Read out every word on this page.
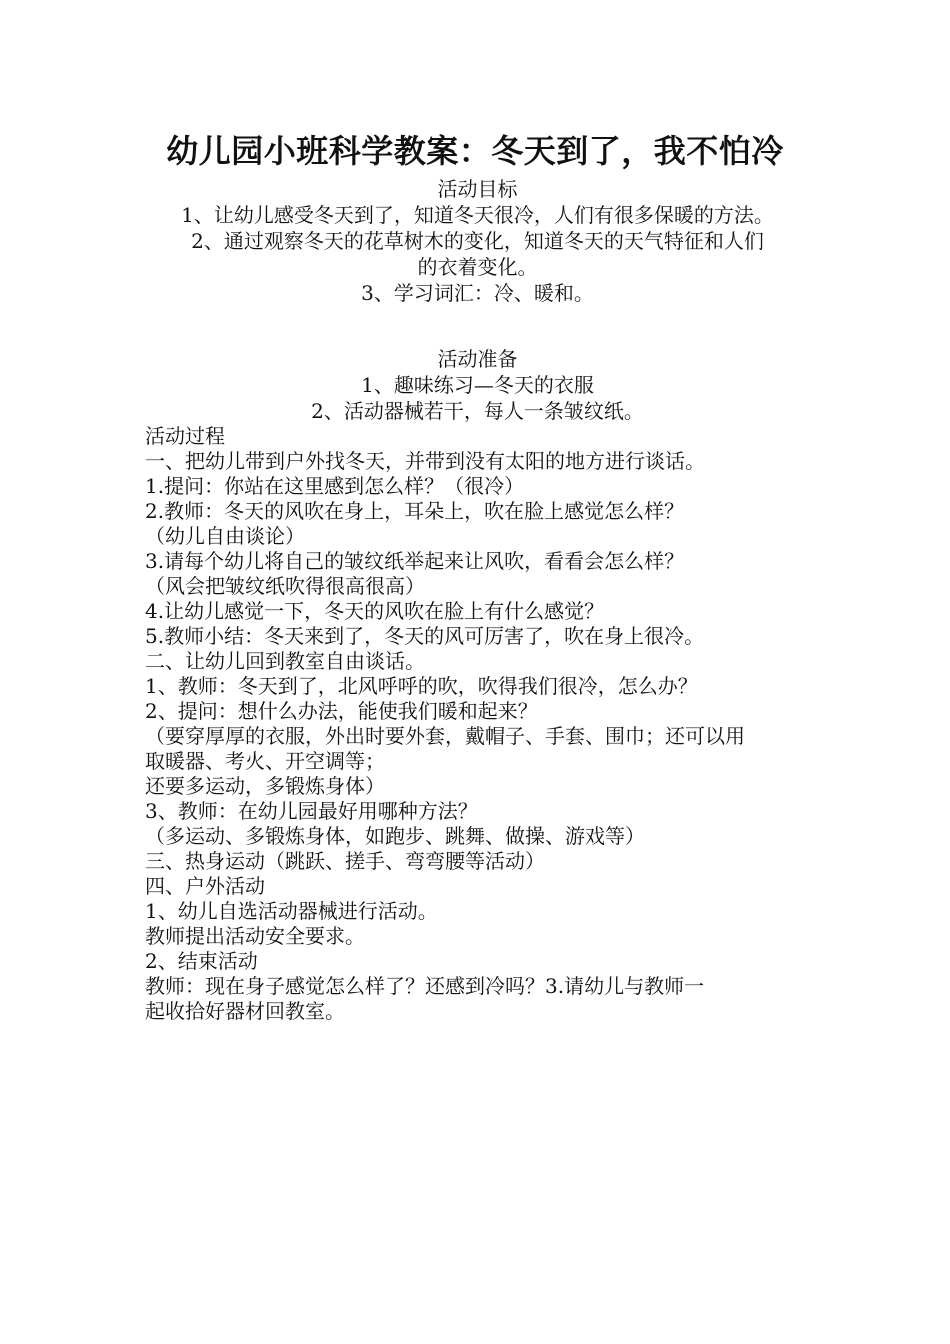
幼儿园小班科学教案：冬天到了，我不怕冷
活动目标
1、让幼儿感受冬天到了，知道冬天很冷，人们有很多保暖的方法。
2、通过观察冬天的花草树木的变化，知道冬天的天气特征和人们
的衣着变化。
3、学习词汇：冷、暖和。
活动准备
1、趣味练习—冬天的衣服
2、活动器械若干，每人一条皱纹纸。
活动过程
一、把幼儿带到户外找冬天，并带到没有太阳的地方进行谈话。
1.提问：你站在这里感到怎么样？（很冷）
2.教师：冬天的风吹在身上，耳朵上，吹在脸上感觉怎么样？
（幼儿自由谈论）
3.请每个幼儿将自己的皱纹纸举起来让风吹，看看会怎么样？
（风会把皱纹纸吹得很高很高）
4.让幼儿感觉一下，冬天的风吹在脸上有什么感觉？
5.教师小结：冬天来到了，冬天的风可厉害了，吹在身上很冷。
二、让幼儿回到教室自由谈话。
1、教师：冬天到了，北风呼呼的吹，吹得我们很冷，怎么办？
2、提问：想什么办法，能使我们暖和起来？
（要穿厚厚的衣服，外出时要外套，戴帽子、手套、围巾；还可以用
取暖器、考火、开空调等；
还要多运动，多锻炼身体）
3、教师：在幼儿园最好用哪种方法？
（多运动、多锻炼身体，如跑步、跳舞、做操、游戏等）
三、热身运动（跳跃、搓手、弯弯腰等活动）
四、户外活动
1、幼儿自选活动器械进行活动。
教师提出活动安全要求。
2、结束活动
教师：现在身子感觉怎么样了？还感到冷吗？3.请幼儿与教师一
起收拾好器材回教室。
